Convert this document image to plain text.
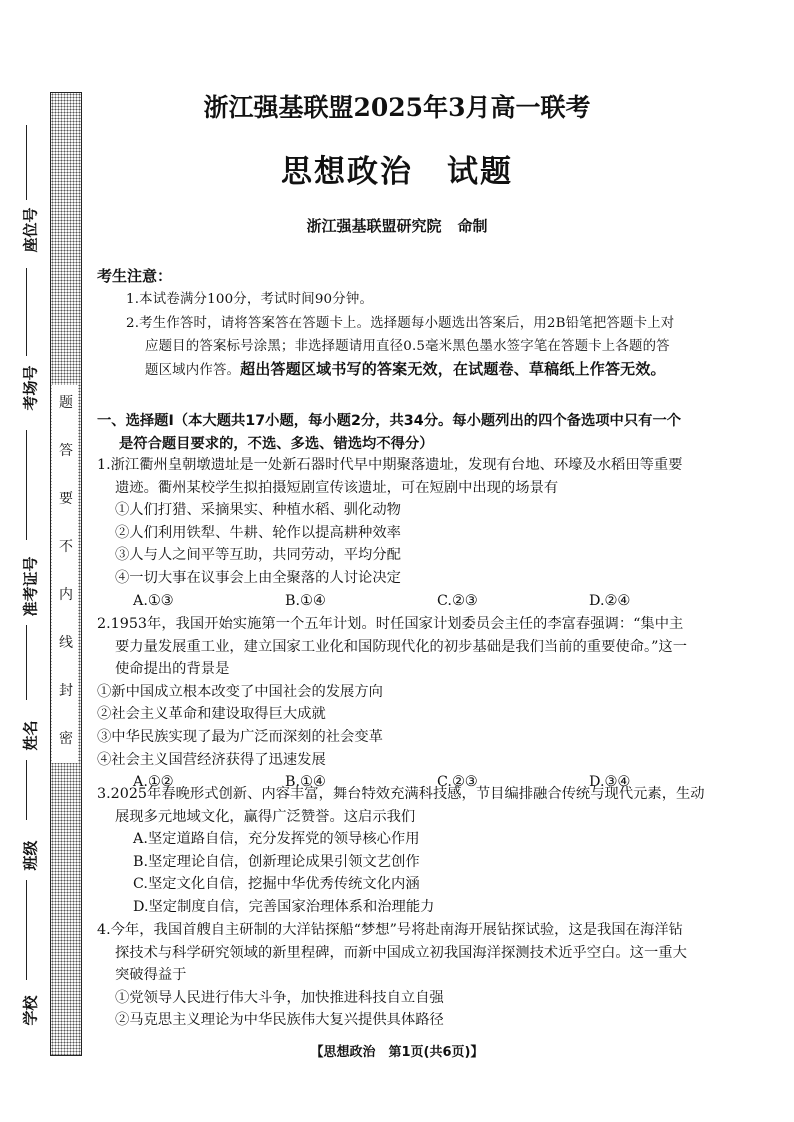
座位号
考场号
准考证号
姓名
班级
学校
题
答
要
不
内
线
封
密
浙江强基联盟2025年3月高一联考
思想政治 试题
浙江强基联盟研究院 命制
考生注意：
1.本试卷满分100分，考试时间90分钟。
2.考生作答时，请将答案答在答题卡上。选择题每小题选出答案后，用2B铅笔把答题卡上对
应题目的答案标号涂黑；非选择题请用直径0.5毫米黑色墨水签字笔在答题卡上各题的答
题区域内作答。超出答题区域书写的答案无效，在试题卷、草稿纸上作答无效。
一、选择题Ⅰ（本大题共17小题，每小题2分，共34分。每小题列出的四个备选项中只有一个
是符合题目要求的，不选、多选、错选均不得分）

1.浙江衢州皇朝墩遗址是一处新石器时代早中期聚落遗址，发现有台地、环壕及水稻田等重要

遗迹。衢州某校学生拟拍摄短剧宣传该遗址，可在短剧中出现的场景有

①人们打猎、采摘果实、种植水稻、驯化动物

②人们利用铁犁、牛耕、轮作以提高耕种效率

③人与人之间平等互助，共同劳动，平均分配

④一切大事在议事会上由全聚落的人讨论决定

A.①③	B.①④	C.②③	D.②④

2.1953年，我国开始实施第一个五年计划。时任国家计划委员会主任的李富春强调：“集中主

要力量发展重工业，建立国家工业化和国防现代化的初步基础是我们当前的重要使命。”这一

使命提出的背景是

①新中国成立根本改变了中国社会的发展方向

②社会主义革命和建设取得巨大成就

③中华民族实现了最为广泛而深刻的社会变革

④社会主义国营经济获得了迅速发展

A.①②	B.①④	C.②③	D.③④

3.2025年春晚形式创新、内容丰富，舞台特效充满科技感，节目编排融合传统与现代元素，生动

展现多元地域文化，赢得广泛赞誉。这启示我们

A.坚定道路自信，充分发挥党的领导核心作用

B.坚定理论自信，创新理论成果引领文艺创作

C.坚定文化自信，挖掘中华优秀传统文化内涵

D.坚定制度自信，完善国家治理体系和治理能力

4.今年，我国首艘自主研制的大洋钻探船“梦想”号将赴南海开展钻探试验，这是我国在海洋钻

探技术与科学研究领域的新里程碑，而新中国成立初我国海洋探测技术近乎空白。这一重大

突破得益于

①党领导人民进行伟大斗争，加快推进科技自立自强

②马克思主义理论为中华民族伟大复兴提供具体路径

【思想政治　第1页(共6页)】
